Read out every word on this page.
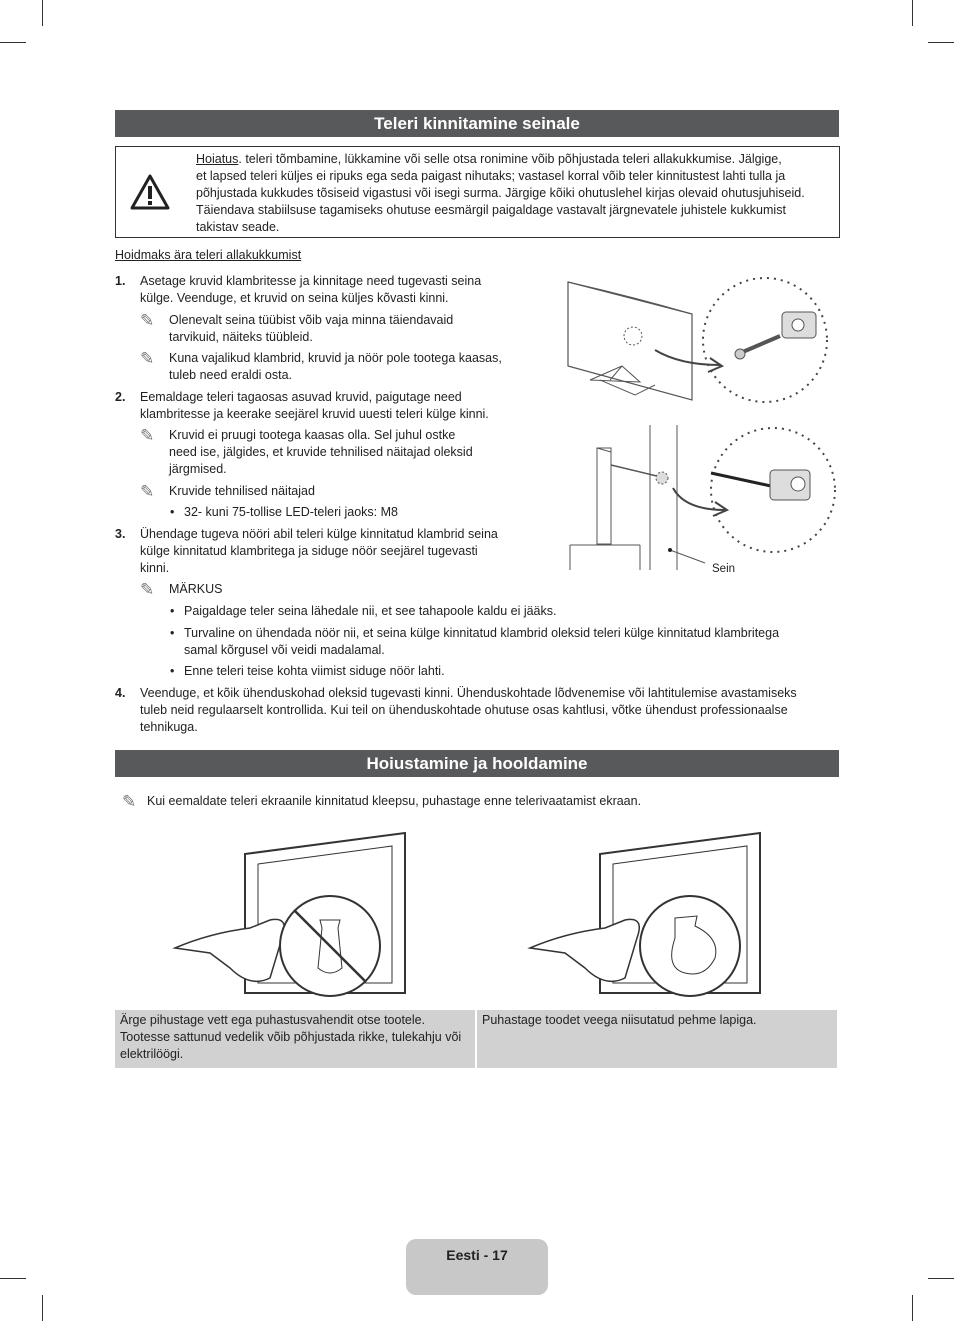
Teleri kinnitamine seinale
Hoiatus. teleri tõmbamine, lükkamine või selle otsa ronimine võib põhjustada teleri allakukkumise. Jälgige,
et lapsed teleri küljes ei ripuks ega seda paigast nihutaks; vastasel korral võib teler kinnitustest lahti tulla ja
põhjustada kukkudes tõsiseid vigastusi või isegi surma. Järgige kõiki ohutuslehel kirjas olevaid ohutusjuhiseid.
Täiendava stabiilsuse tagamiseks ohutuse eesmärgil paigaldage vastavalt järgnevatele juhistele kukkumist
takistav seade.
Hoidmaks ära teleri allakukkumist
1. Asetage kruvid klambritesse ja kinnitage need tugevasti seina
külge. Veenduge, et kruvid on seina küljes kõvasti kinni.
✎ Olenevalt seina tüübist võib vaja minna täiendavaid
tarvikuid, näiteks tüübleid.
✎ Kuna vajalikud klambrid, kruvid ja nöör pole tootega kaasas,
tuleb need eraldi osta.
2. Eemaldage teleri tagaosas asuvad kruvid, paigutage need
klambritesse ja keerake seejärel kruvid uuesti teleri külge kinni.
✎ Kruvid ei pruugi tootega kaasas olla. Sel juhul ostke
need ise, jälgides, et kruvide tehnilised näitajad oleksid
järgmised.
✎ Kruvide tehnilised näitajad
• 32- kuni 75-tollise LED-teleri jaoks: M8
3. Ühendage tugeva nööri abil teleri külge kinnitatud klambrid seina
külge kinnitatud klambritega ja siduge nöör seejärel tugevasti
kinni.
✎ MÄRKUS
• Paigaldage teler seina lähedale nii, et see tahapoole kaldu ei jääks.
• Turvaline on ühendada nöör nii, et seina külge kinnitatud klambrid oleksid teleri külge kinnitatud klambritega
samal kõrgusel või veidi madalamal.
• Enne teleri teise kohta viimist siduge nöör lahti.
4. Veenduge, et kõik ühenduskohad oleksid tugevasti kinni. Ühenduskohtade lõdvenemise või lahtitulemise avastamiseks
tuleb neid regulaarselt kontrollida. Kui teil on ühenduskohtade ohutuse osas kahtlusi, võtke ühendust professionaalse
tehnikuga.
Sein
Hoiustamine ja hooldamine
✎ Kui eemaldate teleri ekraanile kinnitatud kleepsu, puhastage enne telerivaatamist ekraan.
Ärge pihustage vett ega puhastusvahendit otse tootele.
Tootesse sattunud vedelik võib põhjustada rikke, tulekahju või
elektrilöögi.
Puhastage toodet veega niisutatud pehme lapiga.
Eesti - 17
